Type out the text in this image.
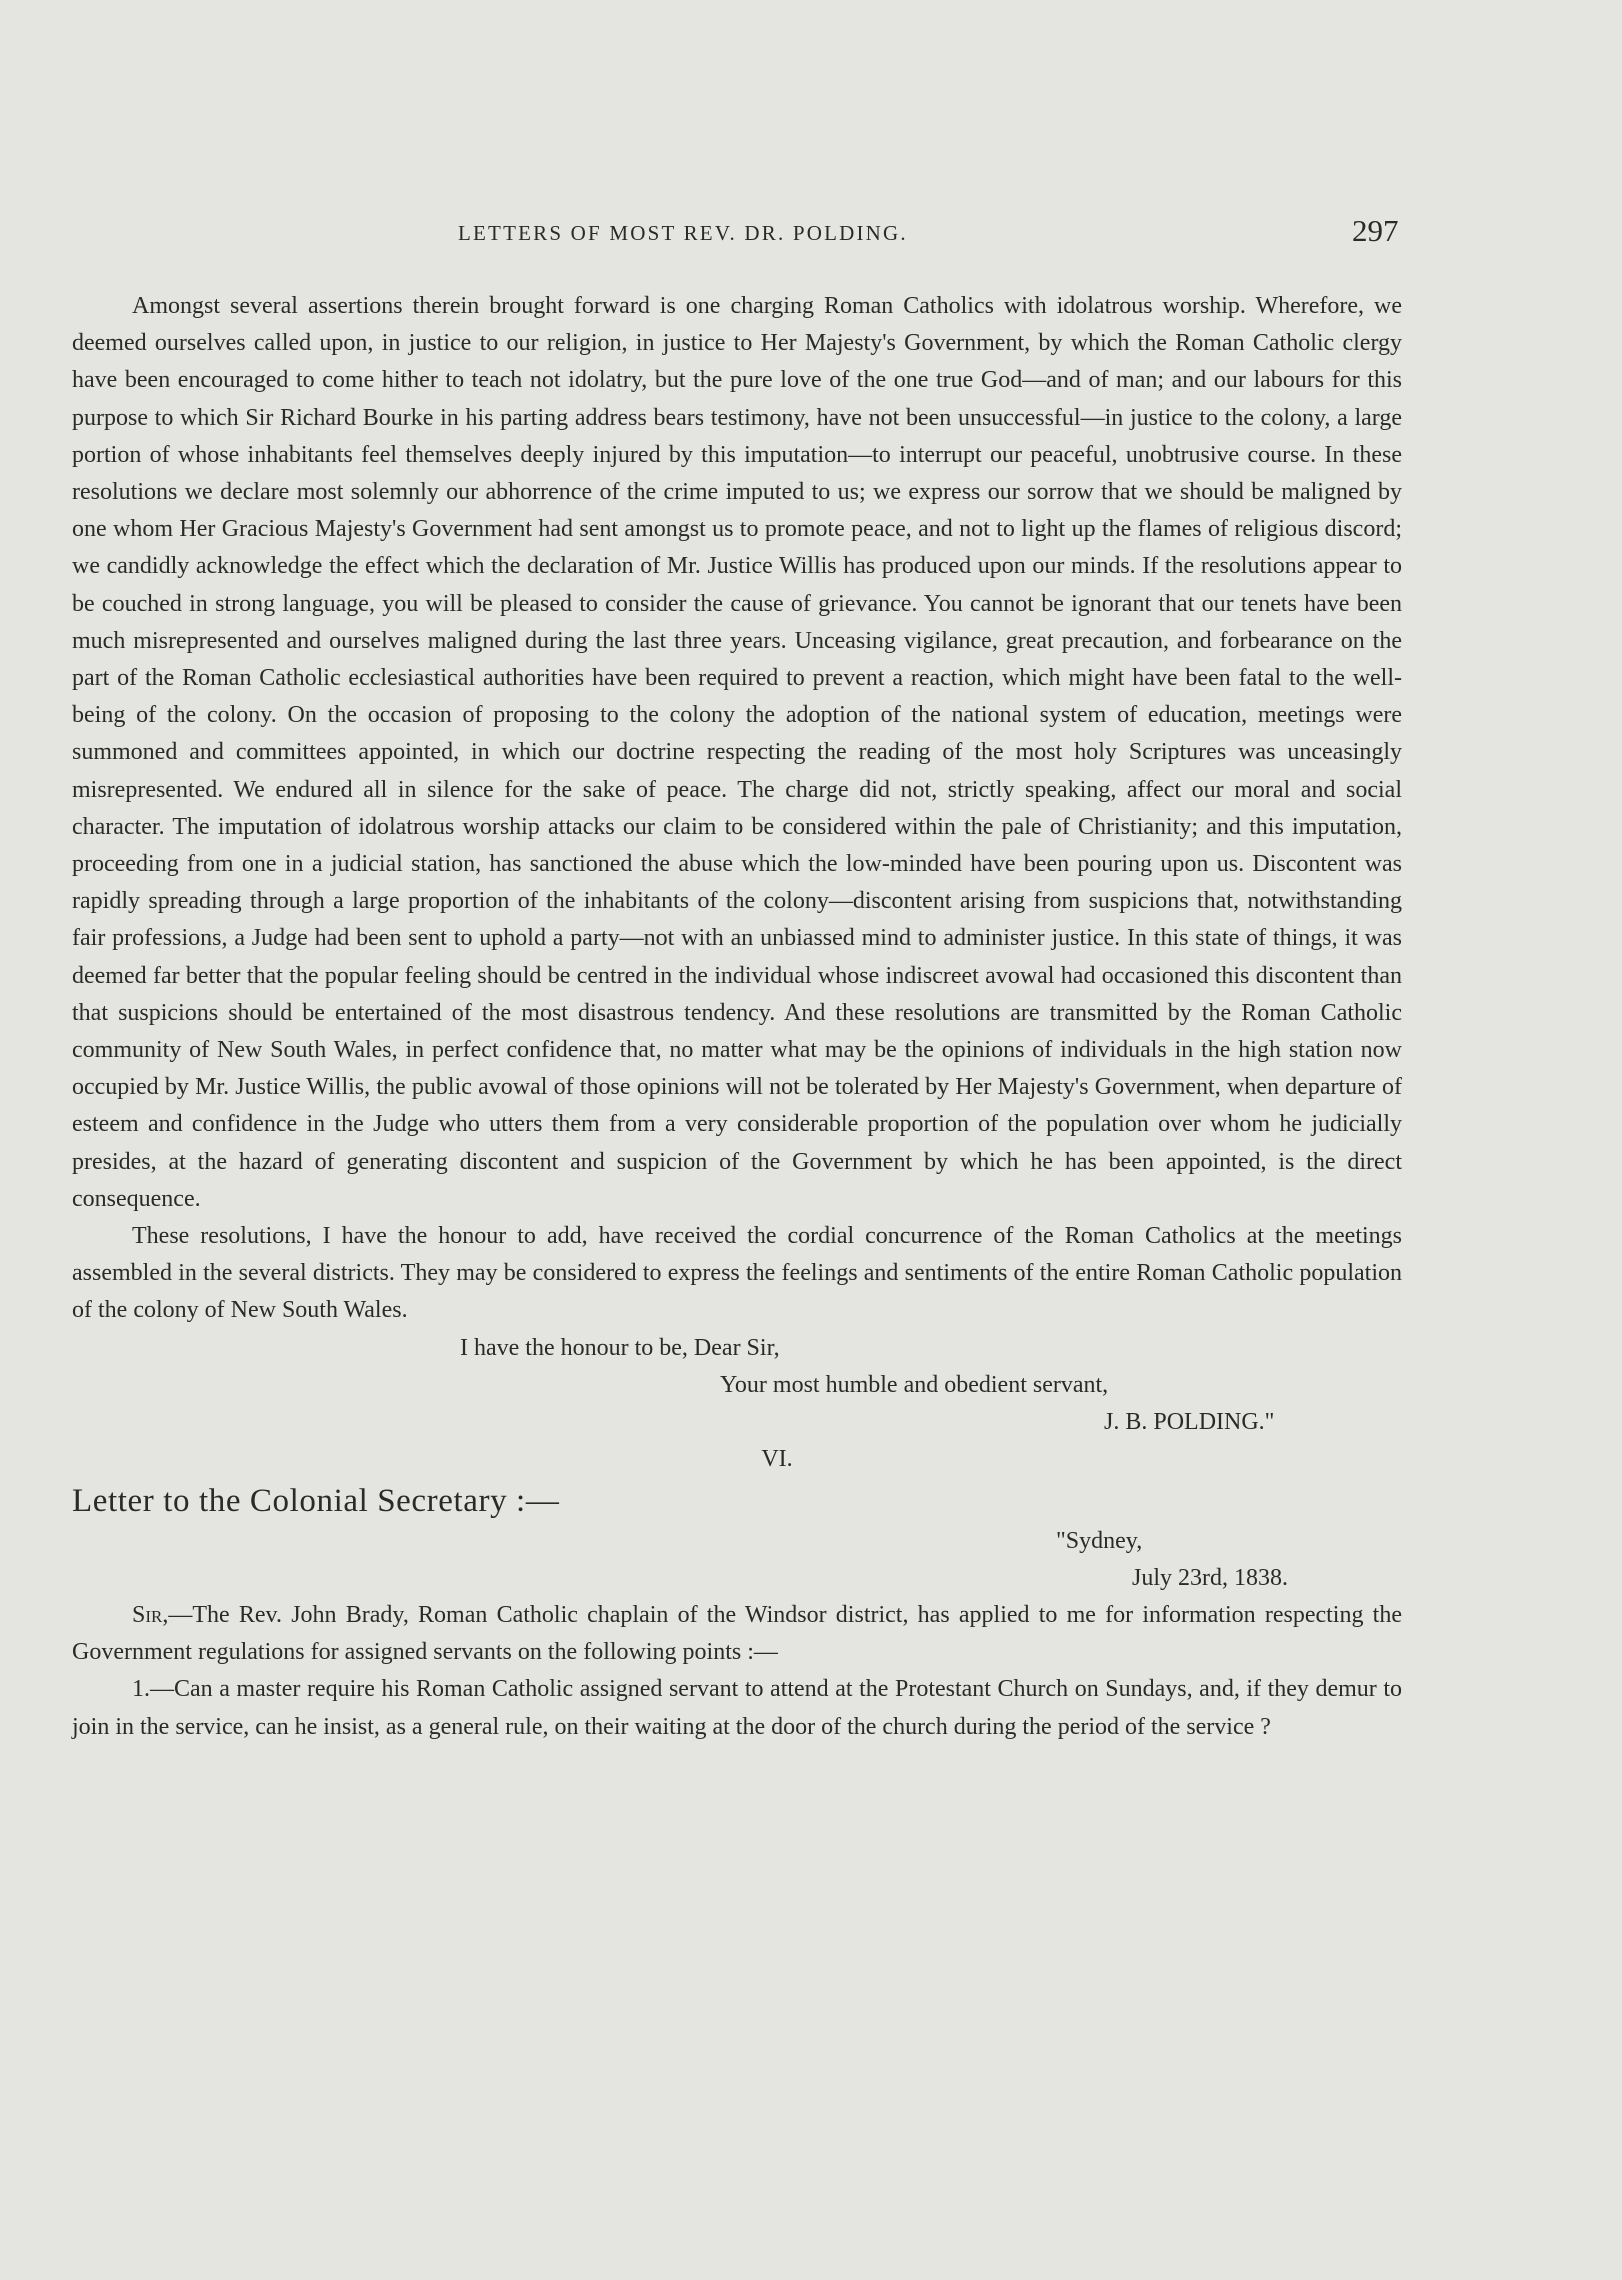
LETTERS OF MOST REV. DR. POLDING.	297

Amongst several assertions therein brought forward is one charging Roman Catholics with idolatrous worship. Wherefore, we deemed ourselves called upon, in justice to our religion, in justice to Her Majesty's Government, by which the Roman Catholic clergy have been encouraged to come hither to teach not idolatry, but the pure love of the one true God—and of man; and our labours for this purpose to which Sir Richard Bourke in his parting address bears testimony, have not been unsuccessful—in justice to the colony, a large portion of whose inhabitants feel themselves deeply injured by this imputation—to interrupt our peaceful, unobtrusive course. In these resolutions we declare most solemnly our abhorrence of the crime imputed to us; we express our sorrow that we should be maligned by one whom Her Gracious Majesty's Government had sent amongst us to promote peace, and not to light up the flames of religious discord; we candidly acknowledge the effect which the declaration of Mr. Justice Willis has produced upon our minds. If the resolutions appear to be couched in strong language, you will be pleased to consider the cause of grievance. You cannot be ignorant that our tenets have been much misrepresented and ourselves maligned during the last three years. Unceasing vigilance, great precaution, and forbearance on the part of the Roman Catholic ecclesiastical authorities have been required to prevent a reaction, which might have been fatal to the well-being of the colony. On the occasion of proposing to the colony the adoption of the national system of education, meetings were summoned and committees appointed, in which our doctrine respecting the reading of the most holy Scriptures was unceasingly misrepresented. We endured all in silence for the sake of peace. The charge did not, strictly speaking, affect our moral and social character. The imputation of idolatrous worship attacks our claim to be considered within the pale of Christianity; and this imputation, proceeding from one in a judicial station, has sanctioned the abuse which the low-minded have been pouring upon us. Discontent was rapidly spreading through a large proportion of the inhabitants of the colony—discontent arising from suspicions that, notwithstanding fair professions, a Judge had been sent to uphold a party—not with an unbiassed mind to administer justice. In this state of things, it was deemed far better that the popular feeling should be centred in the individual whose indiscreet avowal had occasioned this discontent than that suspicions should be entertained of the most disastrous tendency. And these resolutions are transmitted by the Roman Catholic community of New South Wales, in perfect confidence that, no matter what may be the opinions of individuals in the high station now occupied by Mr. Justice Willis, the public avowal of those opinions will not be tolerated by Her Majesty's Government, when departure of esteem and confidence in the Judge who utters them from a very considerable proportion of the population over whom he judicially presides, at the hazard of generating discontent and suspicion of the Government by which he has been appointed, is the direct consequence.

These resolutions, I have the honour to add, have received the cordial concurrence of the Roman Catholics at the meetings assembled in the several districts. They may be considered to express the feelings and sentiments of the entire Roman Catholic population of the colony of New South Wales.

I have the honour to be, Dear Sir,

Your most humble and obedient servant,

J. B. POLDING."

VI.

Letter to the Colonial Secretary :—

"Sydney,

July 23rd, 1838.

Sir,—The Rev. John Brady, Roman Catholic chaplain of the Windsor district, has applied to me for information respecting the Government regulations for assigned servants on the following points :—

1.—Can a master require his Roman Catholic assigned servant to attend at the Protestant Church on Sundays, and, if they demur to join in the service, can he insist, as a general rule, on their waiting at the door of the church during the period of the service ?
